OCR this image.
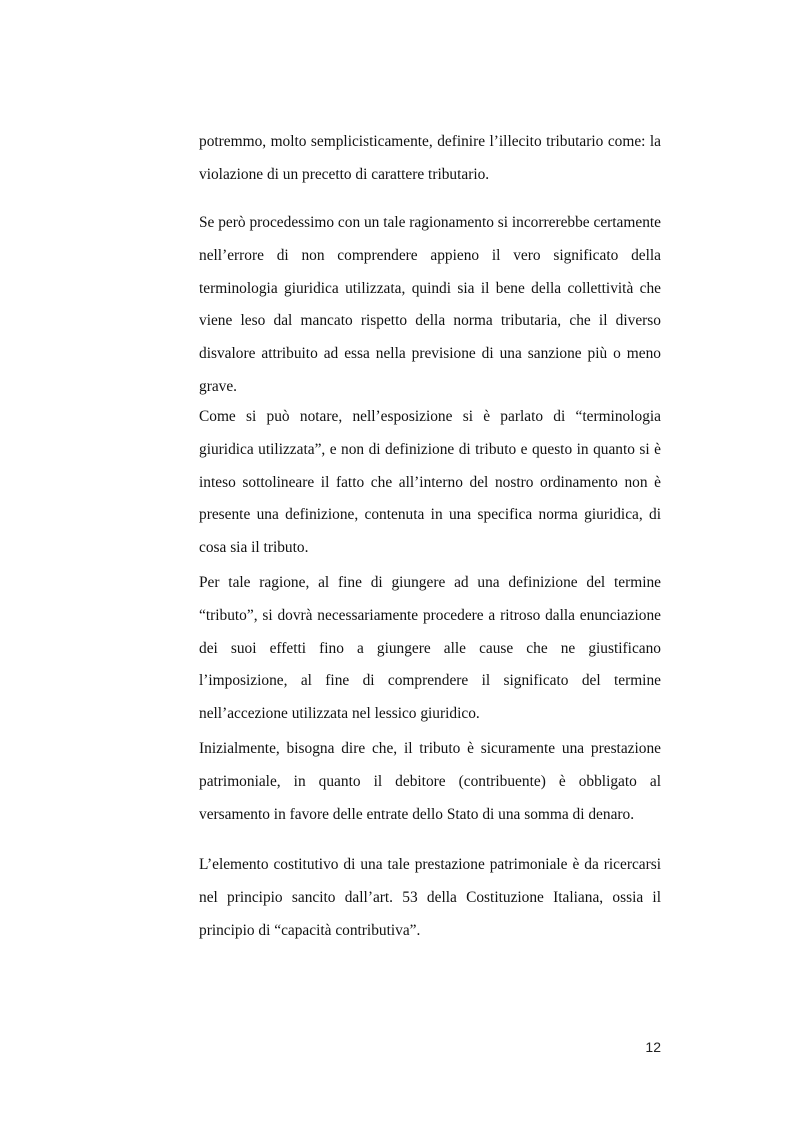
potremmo, molto semplicisticamente, definire l’illecito tributario come: la violazione di un precetto di carattere tributario.

Se però procedessimo con un tale ragionamento si incorrerebbe certamente nell’errore di non comprendere appieno il vero significato della terminologia giuridica utilizzata, quindi sia il bene della collettività che viene leso dal mancato rispetto della norma tributaria, che il diverso disvalore attribuito ad essa nella previsione di una sanzione più o meno grave.

Come si può notare, nell’esposizione si è parlato di “terminologia giuridica utilizzata”, e non di definizione di tributo e questo in quanto si è inteso sottolineare il fatto che all’interno del nostro ordinamento non è presente una definizione, contenuta in una specifica norma giuridica, di cosa sia il tributo.

Per tale ragione, al fine di giungere ad una definizione del termine “tributo”, si dovrà necessariamente procedere a ritroso dalla enunciazione dei suoi effetti fino a giungere alle cause che ne giustificano l’imposizione, al fine di comprendere il significato del termine nell’accezione utilizzata nel lessico giuridico.

Inizialmente, bisogna dire che, il tributo è sicuramente una prestazione patrimoniale, in quanto il debitore (contribuente) è obbligato al versamento in favore delle entrate dello Stato di una somma di denaro.

L’elemento costitutivo di una tale prestazione patrimoniale è da ricercarsi nel principio sancito dall’art. 53 della Costituzione Italiana, ossia il principio di “capacità contributiva”.

12
